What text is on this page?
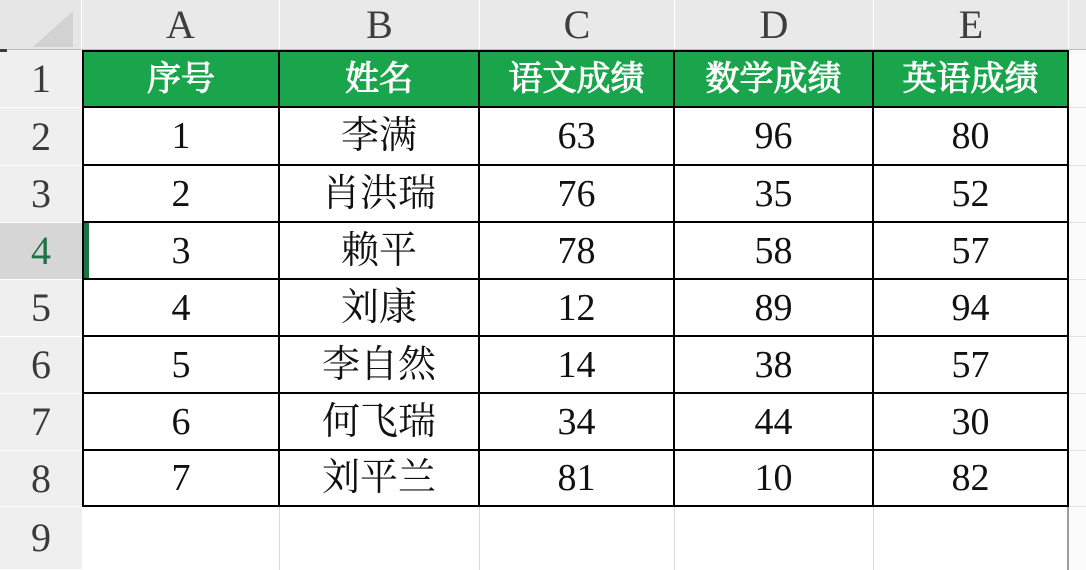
A	B	C	D	E
1	序号	姓名	语文成绩	数学成绩	英语成绩
2	1	李满	63	96	80
3	2	肖洪瑞	76	35	52
4	3	赖平	78	58	57
5	4	刘康	12	89	94
6	5	李自然	14	38	57
7	6	何飞瑞	34	44	30
8	7	刘平兰	81	10	82
9
